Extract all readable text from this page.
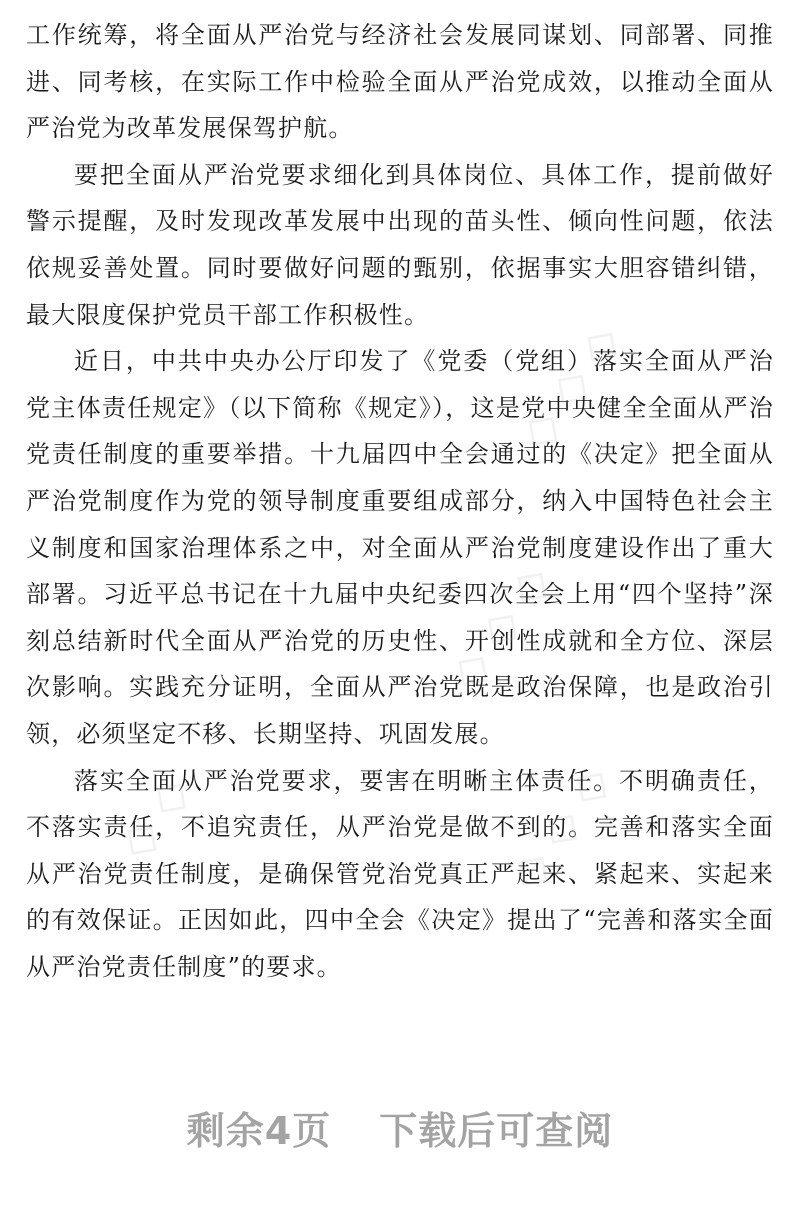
工作统筹，将全面从严治党与经济社会发展同谋划、同部署、同推进、同考核，在实际工作中检验全面从严治党成效，以推动全面从严治党为改革发展保驾护航。

要把全面从严治党要求细化到具体岗位、具体工作，提前做好警示提醒，及时发现改革发展中出现的苗头性、倾向性问题，依法依规妥善处置。同时要做好问题的甄别，依据事实大胆容错纠错，最大限度保护党员干部工作积极性。

近日，中共中央办公厅印发了《党委（党组）落实全面从严治党主体责任规定》（以下简称《规定》），这是党中央健全全面从严治党责任制度的重要举措。十九届四中全会通过的《决定》把全面从严治党制度作为党的领导制度重要组成部分，纳入中国特色社会主义制度和国家治理体系之中，对全面从严治党制度建设作出了重大部署。习近平总书记在十九届中央纪委四次全会上用“四个坚持”深刻总结新时代全面从严治党的历史性、开创性成就和全方位、深层次影响。实践充分证明，全面从严治党既是政治保障，也是政治引领，必须坚定不移、长期坚持、巩固发展。

落实全面从严治党要求，要害在明晰主体责任。不明确责任，不落实责任，不追究责任，从严治党是做不到的。完善和落实全面从严治党责任制度，是确保管党治党真正严起来、紧起来、实起来的有效保证。正因如此，四中全会《决定》提出了“完善和落实全面从严治党责任制度”的要求。

◇ ◇ ◇
◇ ◇ ◇
◇ ◇ ◇
◇ ◇
剩余4页 下载后可查阅
